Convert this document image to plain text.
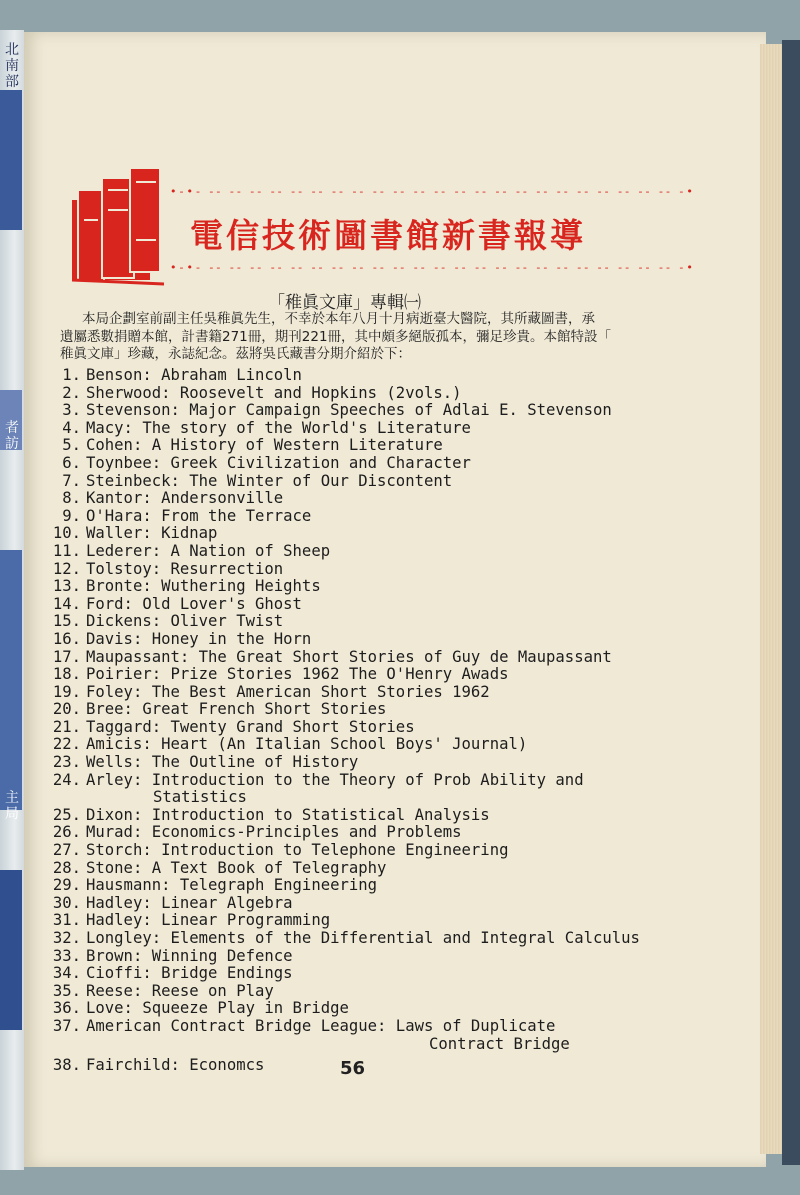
北南部
者訪
主局
•-•- -- -- -- -- -- -- -- -- -- -- -- -- -- -- -- -- -- -- -- -- -- -- -- -•
電信技術圖書館新書報導
•-•- -- -- -- -- -- -- -- -- -- -- -- -- -- -- -- -- -- -- -- -- -- -- -- -•
「稚眞文庫」專輯㈠
本局企劃室前副主任吳稚眞先生，不幸於本年八月十月病逝臺大醫院，其所藏圖書，承
遺屬悉數捐贈本館，計書籍271冊，期刊221冊，其中頗多絕版孤本，彌足珍貴。本館特設「
稚眞文庫」珍藏，永誌紀念。茲將吳氏藏書分期介紹於下：
1. Benson: Abraham Lincoln
2. Sherwood: Roosevelt and Hopkins (2vols.)
3. Stevenson: Major Campaign Speeches of Adlai E. Stevenson
4. Macy: The story of the World's Literature
5. Cohen: A History of Western Literature
6. Toynbee: Greek Civilization and Character
7. Steinbeck: The Winter of Our Discontent
8. Kantor: Andersonville
9. O'Hara: From the Terrace
10. Waller: Kidnap
11. Lederer: A Nation of Sheep
12. Tolstoy: Resurrection
13. Bronte: Wuthering Heights
14. Ford: Old Lover's Ghost
15. Dickens: Oliver Twist
16. Davis: Honey in the Horn
17. Maupassant: The Great Short Stories of Guy de Maupassant
18. Poirier: Prize Stories 1962 The O'Henry Awads
19. Foley: The Best American Short Stories 1962
20. Bree: Great French Short Stories
21. Taggard: Twenty Grand Short Stories
22. Amicis: Heart (An Italian School Boys' Journal)
23. Wells: The Outline of History
24. Arley: Introduction to the Theory of Prob Ability and
Statistics
25. Dixon: Introduction to Statistical Analysis
26. Murad: Economics-Principles and Problems
27. Storch: Introduction to Telephone Engineering
28. Stone: A Text Book of Telegraphy
29. Hausmann: Telegraph Engineering
30. Hadley: Linear Algebra
31. Hadley: Linear Programming
32. Longley: Elements of the Differential and Integral Calculus
33. Brown: Winning Defence
34. Cioffi: Bridge Endings
35. Reese: Reese on Play
36. Love: Squeeze Play in Bridge
37. American Contract Bridge League: Laws of Duplicate
Contract Bridge
38. Fairchild: Economcs	56
